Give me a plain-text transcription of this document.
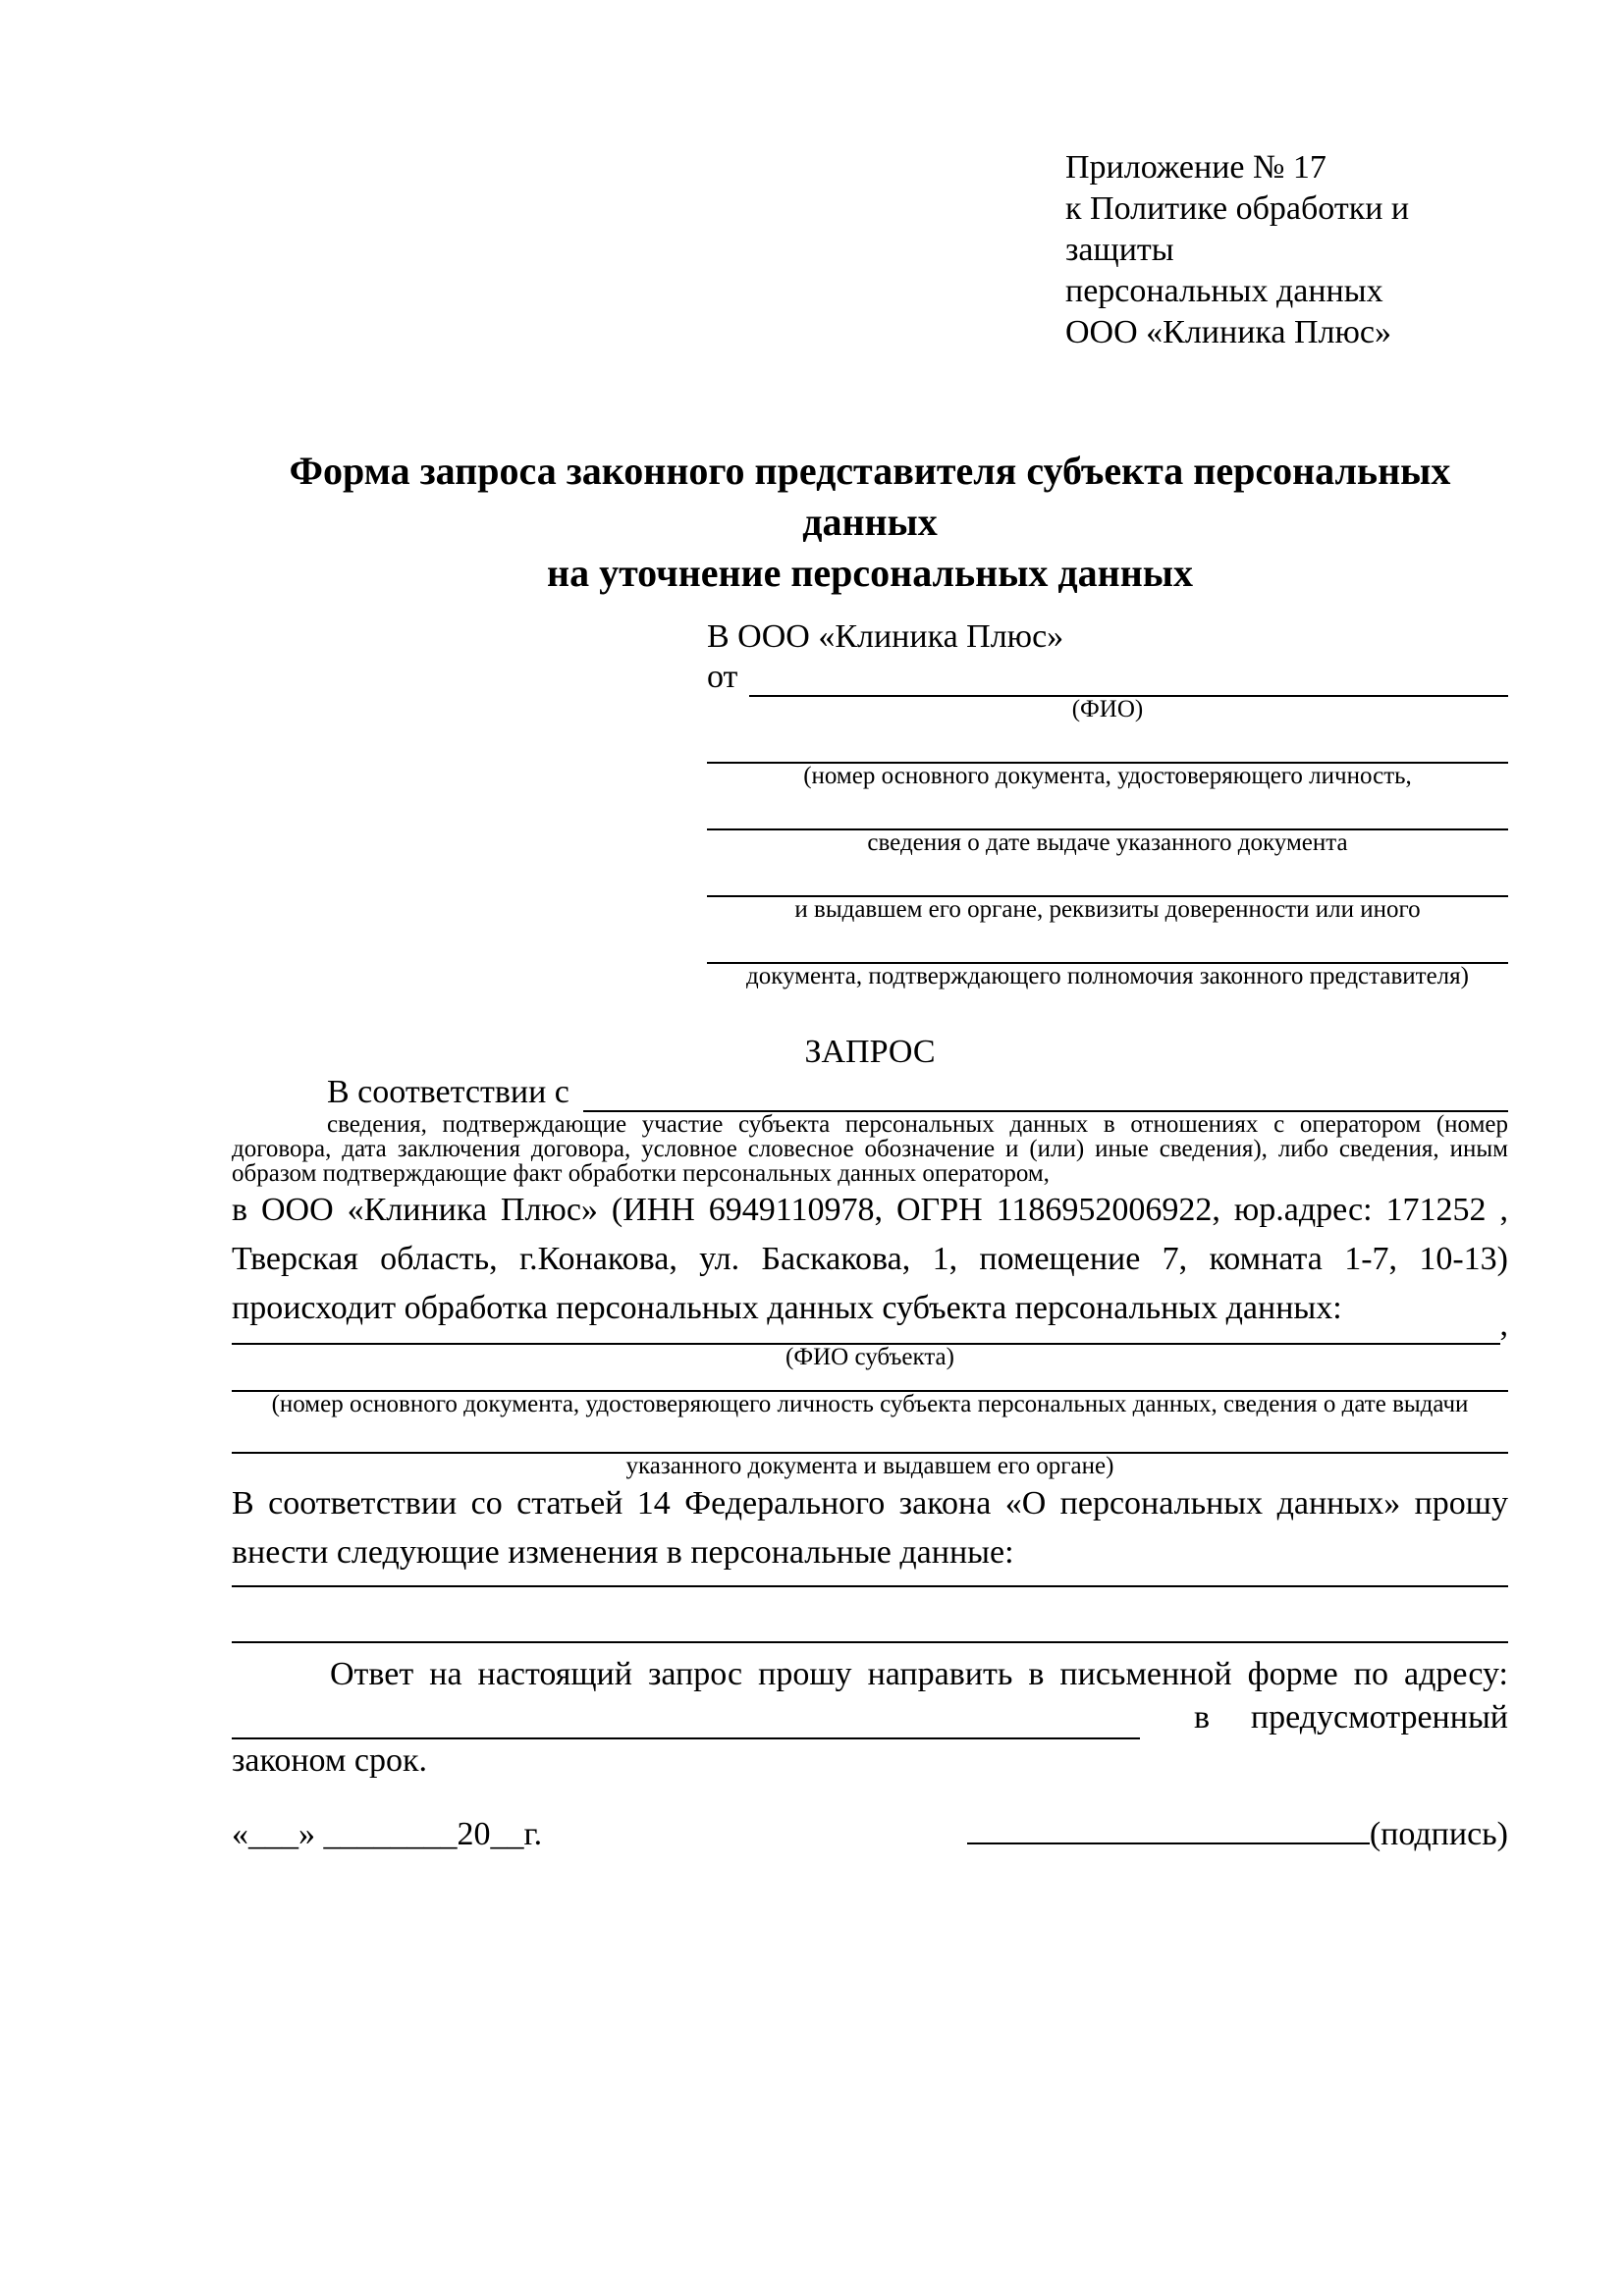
Приложение № 17
к Политике обработки и защиты
персональных данных
ООО «Клиника Плюс»
Форма запроса законного представителя субъекта персональных данных
на уточнение персональных данных
В ООО «Клиника Плюс»
от
(ФИО)
(номер основного документа, удостоверяющего личность,
сведения о дате выдаче указанного документа
и выдавшем его органе, реквизиты доверенности или иного
документа, подтверждающего полномочия законного представителя)
ЗАПРОС
В соответствии с
сведения, подтверждающие участие субъекта персональных данных в отношениях с оператором (номер договора, дата заключения договора, условное словесное обозначение и (или) иные сведения), либо сведения, иным образом подтверждающие факт обработки персональных данных оператором,

в ООО «Клиника Плюс» (ИНН 6949110978, ОГРН 1186952006922, юр.адрес: 171252 , Тверская область, г.Конакова, ул. Баскакова, 1, помещение 7, комната 1-7, 10-13) происходит обработка персональных данных субъекта персональных данных:	,
(ФИО субъекта)
(номер основного документа, удостоверяющего личность субъекта персональных данных, сведения о дате выдачи
указанного документа и выдавшем его органе)

В соответствии со статьей 14 Федерального закона «О персональных данных» прошу внести следующие изменения в персональные данные:

Ответ на настоящий запрос прошу направить в письменной форме по адресу:

в предусмотренный
законом срок.
«___» ________20__г.	(подпись)
